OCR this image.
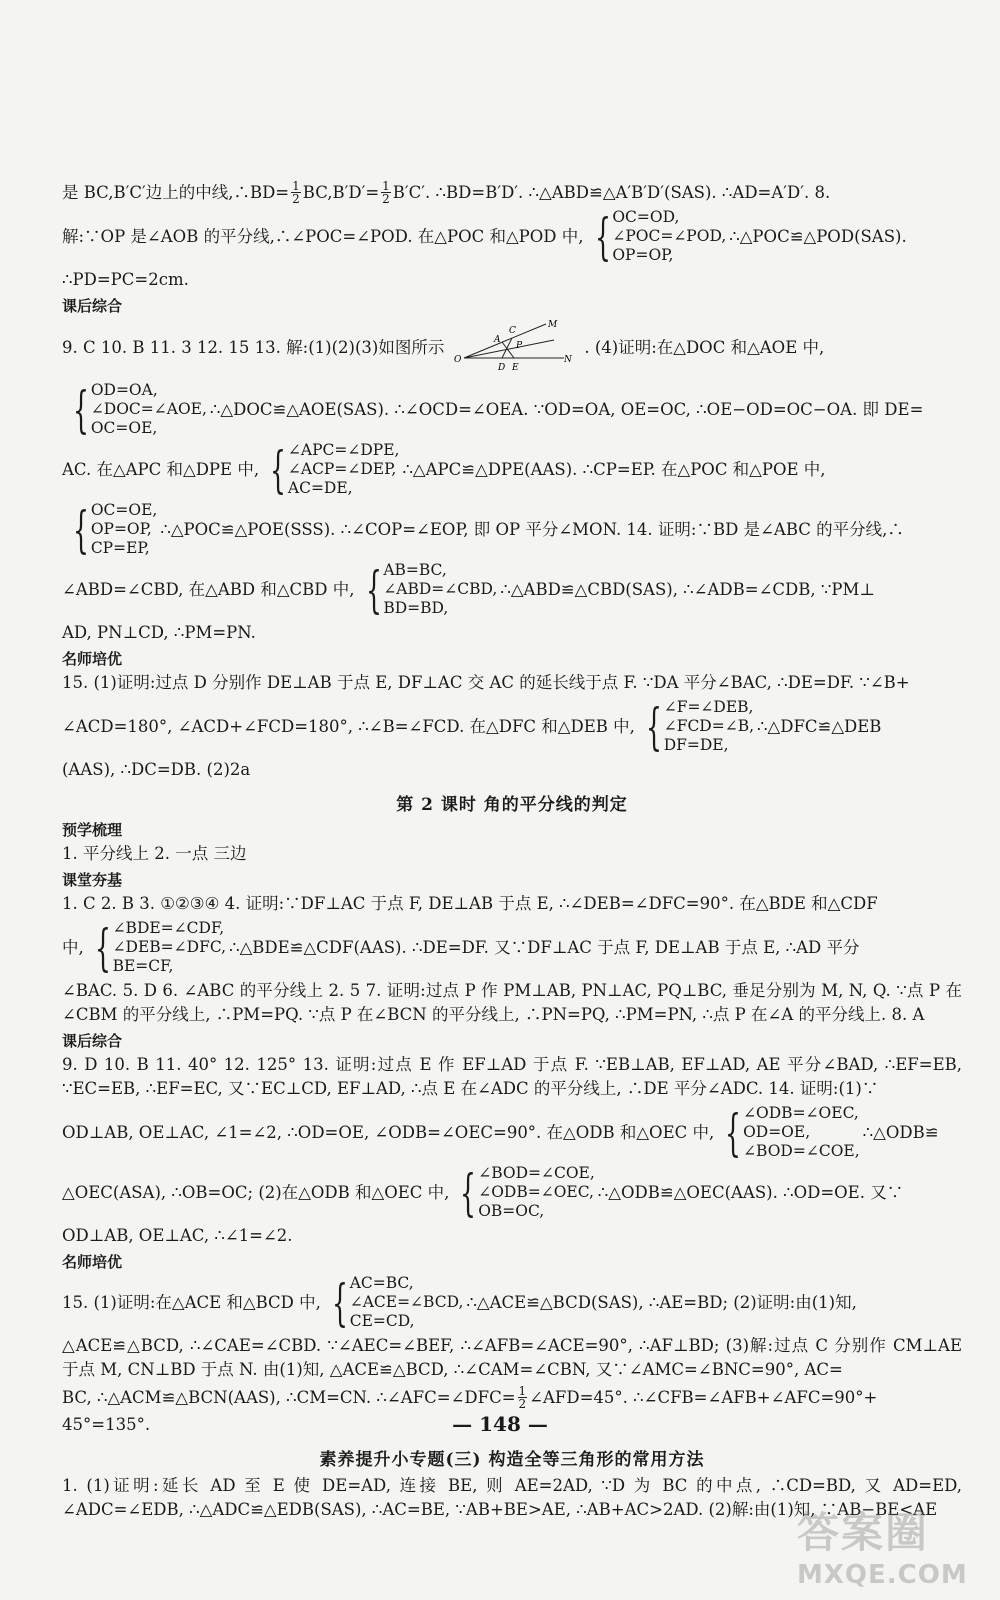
是 BC,B′C′边上的中线,∴BD= $\frac{1}{2} BC,B'D'= \frac{1}{2} B'C'$. ∴BD=B′D′. ∴△ABD≌△A′B′D′(SAS). ∴AD=A′D′. 8.
解:∵OP 是∠AOB 的平分线,∴∠POC=∠POD. 在△POC 和△POD 中, { OC=OD,
∠POC=∠POD,
OP=OP,
∴△POC≌△POD(SAS).

∴PD=PC=2cm.

课后综合
9. C 10. B 11. 3 12. 15 13. 解:(1)(2)(3)如图所示
M
C
A
P
O
D E
N
. (4)证明:在△DOC 和△AOE 中,
{ OD=OA,
∠DOC=∠AOE,
OC=OE,
∴△DOC≌△AOE(SAS). ∴∠OCD=∠OEA. ∵OD=OA, OE=OC, ∴OE−OD=OC−OA. 即 DE=
AC. 在△APC 和△DPE 中, { ∠APC=∠DPE,
∠ACP=∠DEP,
AC=DE,
∴△APC≌△DPE(AAS). ∴CP=EP. 在△POC 和△POE 中,
{ OC=OE,
OP=OP,
CP=EP,
∴△POC≌△POE(SSS). ∴∠COP=∠EOP, 即 OP 平分∠MON. 14. 证明:∵BD 是∠ABC 的平分线,∴
∠ABD=∠CBD, 在△ABD 和△CBD 中, { AB=BC,
∠ABD=∠CBD,
BD=BD,
∴△ABD≌△CBD(SAS), ∴∠ADB=∠CDB, ∵PM⊥

AD, PN⊥CD, ∴PM=PN.

名师培优

15. (1)证明:过点 D 分别作 DE⊥AB 于点 E, DF⊥AC 交 AC 的延长线于点 F. ∵DA 平分∠BAC, ∴DE=DF. ∵∠B+

∠ACD=180°, ∠ACD+∠FCD=180°, ∴∠B=∠FCD. 在△DFC 和△DEB 中, { ∠F=∠DEB,
∠FCD=∠B,
DF=DE,
∴△DFC≌△DEB

(AAS), ∴DC=DB. (2)2a

第 2 课时 角的平分线的判定
预学梳理

1. 平分线上 2. 一点 三边

课堂夯基

1. C 2. B 3. ①②③④ 4. 证明:∵DF⊥AC 于点 F, DE⊥AB 于点 E, ∴∠DEB=∠DFC=90°. 在△BDE 和△CDF

中, { ∠BDE=∠CDF,
∠DEB=∠DFC,
BE=CF,
∴△BDE≌△CDF(AAS). ∴DE=DF. 又∵DF⊥AC 于点 F, DE⊥AB 于点 E, ∴AD 平分

∠BAC. 5. D 6. ∠ABC 的平分线上 2. 5 7. 证明:过点 P 作 PM⊥AB, PN⊥AC, PQ⊥BC, 垂足分别为 M, N, Q. ∵点 P 在∠CBM 的平分线上, ∴PM=PQ. ∵点 P 在∠BCN 的平分线上, ∴PN=PQ, ∴PM=PN, ∴点 P 在∠A 的平分线上. 8. A

课后综合

9. D 10. B 11. 40° 12. 125° 13. 证明:过点 E 作 EF⊥AD 于点 F. ∵EB⊥AB, EF⊥AD, AE 平分∠BAD, ∴EF=EB, ∵EC=EB, ∴EF=EC, 又∵EC⊥CD, EF⊥AD, ∴点 E 在∠ADC 的平分线上, ∴DE 平分∠ADC. 14. 证明:(1)∵

OD⊥AB, OE⊥AC, ∠1=∠2, ∴OD=OE, ∠ODB=∠OEC=90°. 在△ODB 和△OEC 中, { ∠ODB=∠OEC,
OD=OE,
∠BOD=∠COE,
∴△ODB≌
△OEC(ASA), ∴OB=OC; (2)在△ODB 和△OEC 中, { ∠BOD=∠COE,
∠ODB=∠OEC,
OB=OC,
∴△ODB≌△OEC(AAS). ∴OD=OE. 又∵

OD⊥AB, OE⊥AC, ∴∠1=∠2.

名师培优
15. (1)证明:在△ACE 和△BCD 中, { AC=BC,
∠ACE=∠BCD,
CE=CD,
∴△ACE≌△BCD(SAS), ∴AE=BD; (2)证明:由(1)知,

△ACE≌△BCD, ∴∠CAE=∠CBD. ∵∠AEC=∠BEF, ∴∠AFB=∠ACE=90°, ∴AF⊥BD; (3)解:过点 C 分别作 CM⊥AE 于点 M, CN⊥BD 于点 N. 由(1)知, △ACE≌△BCD, ∴∠CAM=∠CBN, 又∵∠AMC=∠BNC=90°, AC=

BC, ∴△ACM≌△BCN(AAS), ∴CM=CN. ∴∠AFC=∠DFC= $\frac{1}{2}$ ∠AFD=45°. ∴∠CFB=∠AFB+∠AFC=90°+

45°=135°.

素养提升小专题(三) 构造全等三角形的常用方法

1. (1)证明:延长 AD 至 E 使 DE=AD, 连接 BE, 则 AE=2AD, ∵D 为 BC 的中点, ∴CD=BD, 又 AD=ED, ∠ADC=∠EDB, ∴△ADC≌△EDB(SAS), ∴AC=BE, ∵AB+BE>AE, ∴AB+AC>2AD. (2)解:由(1)知, ∵AB−BE<AE

— 148 —
答案圈
MXQE.COM
